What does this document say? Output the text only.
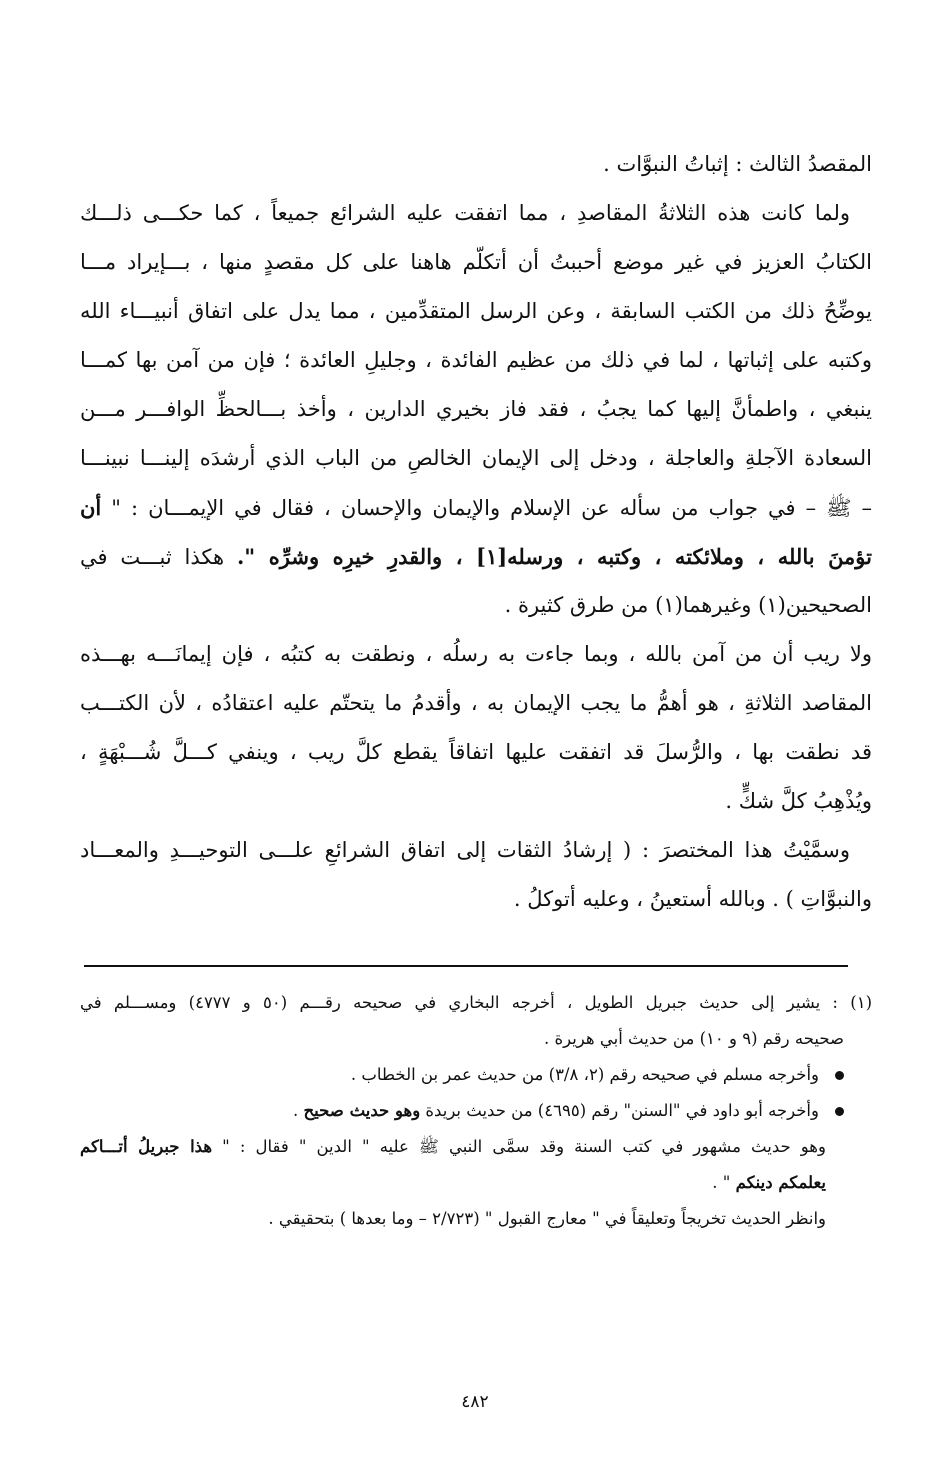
المقصدُ الثالث : إثباتُ النبوَّات .
ولما كانت هذه الثلاثةُ المقاصدِ ، مما اتفقت عليه الشرائع جميعاً ، كما حكـــى ذلـــك
الكتابُ العزيز في غير موضع أحببتُ أن أتكلّم هاهنا على كل مقصدٍ منها ، بـــإيراد مـــا
يوضِّحُ ذلك من الكتب السابقة ، وعن الرسل المتقدِّمين ، مما يدل على اتفاق أنبيـــاء الله
وكتبه على إثباتها ، لما في ذلك من عظيم الفائدة ، وجليلِ العائدة ؛ فإن من آمن بها كمـــا
ينبغي ، واطمأنَّ إليها كما يجبُ ، فقد فاز بخيري الدارين ، وأخذ بـــالحظِّ الوافـــر مـــن
السعادة الآجلةِ والعاجلة ، ودخل إلى الإيمان الخالصِ من الباب الذي أرشدَه إلينـــا نبينـــا
– ﷺ – في جواب من سأله عن الإسلام والإيمان والإحسان ، فقال في الإيمـــان : " أن
تؤمنَ بالله ، وملائكته ، وكتبه ، ورسله[١] ، والقدرِ خيرِه وشرِّه ". هكذا ثبـــت في
الصحيحين(١) وغيرهما(١) من طرق كثيرة .
ولا ريب أن من آمن بالله ، وبما جاءت به رسلُه ، ونطقت به كتبُه ، فإن إيمانَـــه بهـــذه
المقاصد الثلاثةِ ، هو أهمُّ ما يجب الإيمان به ، وأقدمُ ما يتحتّم عليه اعتقادُه ، لأن الكتـــب
قد نطقت بها ، والرُّسلَ قد اتفقت عليها اتفاقاً يقطع كلَّ ريب ، وينفي كـــلَّ شُـــبْهَةٍ ،
ويُذْهِبُ كلَّ شكٍّ .
وسمَّيْتُ هذا المختصرَ : ( إرشادُ الثقات إلى اتفاق الشرائعِ علـــى التوحيـــدِ والمعـــاد
والنبوَّاتِ ) . وبالله أستعينُ ، وعليه أتوكلُ .
(١) : يشير إلى حديث جبريل الطويل ، أخرجه البخاري في صحيحه رقـــم (٥٠ و ٤٧٧٧) ومســـلم في
صحيحه رقم (٩ و ١٠) من حديث أبي هريرة .
وأخرجه مسلم في صحيحه رقم (٢، ٣/٨) من حديث عمر بن الخطاب .
وأخرجه أبو داود في "السنن" رقم (٤٦٩٥) من حديث بريدة وهو حديث صحيح .
وهو حديث مشهور في كتب السنة وقد سمَّى النبي ﷺ عليه " الدين " فقال : " هذا جبريلُ أتـــاكم
يعلمكم دينكم " .
وانظر الحديث تخريجاً وتعليقاً في " معارج القبول " (٢/٧٢٣ – وما بعدها ) بتحقيقي .
٤٨٢
